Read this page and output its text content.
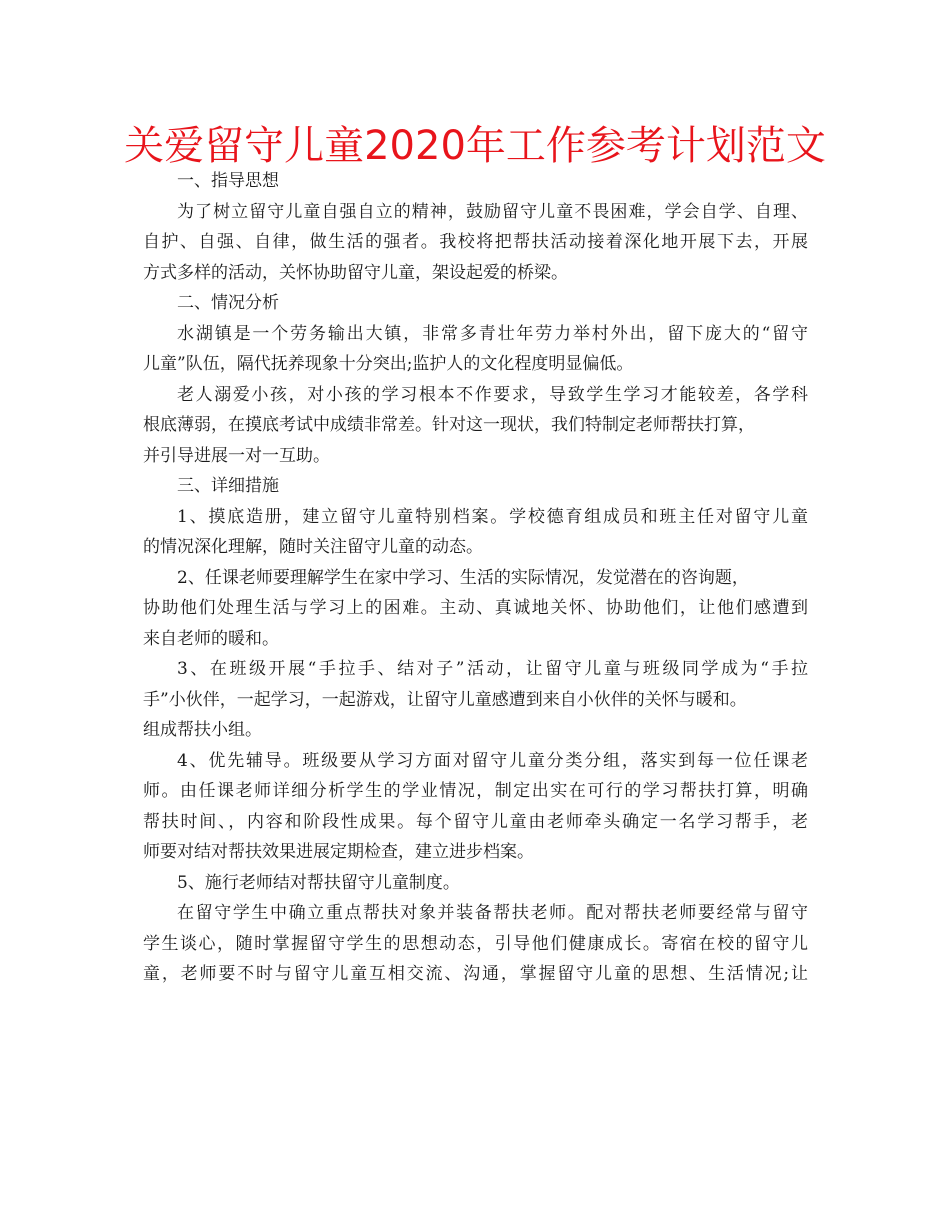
关爱留守儿童2020年工作参考计划范文
一、指导思想
为了树立留守儿童自强自立的精神，鼓励留守儿童不畏困难，学会自学、自理、
自护、自强、自律，做生活的强者。我校将把帮扶活动接着深化地开展下去，开展
方式多样的活动，关怀协助留守儿童，架设起爱的桥梁。
二、情况分析
水湖镇是一个劳务输出大镇，非常多青壮年劳力举村外出，留下庞大的“留守
儿童”队伍，隔代抚养现象十分突出;监护人的文化程度明显偏低。
老人溺爱小孩，对小孩的学习根本不作要求，导致学生学习才能较差，各学科
根底薄弱，在摸底考试中成绩非常差。针对这一现状，我们特制定老师帮扶打算，
并引导进展一对一互助。
三、详细措施
1、摸底造册，建立留守儿童特别档案。学校德育组成员和班主任对留守儿童
的情况深化理解，随时关注留守儿童的动态。
2、任课老师要理解学生在家中学习、生活的实际情况，发觉潜在的咨询题，
协助他们处理生活与学习上的困难。主动、真诚地关怀、协助他们，让他们感遭到
来自老师的暖和。
3、在班级开展“手拉手、结对子”活动，让留守儿童与班级同学成为“手拉
手”小伙伴，一起学习，一起游戏，让留守儿童感遭到来自小伙伴的关怀与暖和。
组成帮扶小组。
4、优先辅导。班级要从学习方面对留守儿童分类分组，落实到每一位任课老
师。由任课老师详细分析学生的学业情况，制定出实在可行的学习帮扶打算，明确
帮扶时间、，内容和阶段性成果。每个留守儿童由老师牵头确定一名学习帮手，老
师要对结对帮扶效果进展定期检查，建立进步档案。
5、施行老师结对帮扶留守儿童制度。
在留守学生中确立重点帮扶对象并装备帮扶老师。配对帮扶老师要经常与留守
学生谈心，随时掌握留守学生的思想动态，引导他们健康成长。寄宿在校的留守儿
童，老师要不时与留守儿童互相交流、沟通，掌握留守儿童的思想、生活情况;让
